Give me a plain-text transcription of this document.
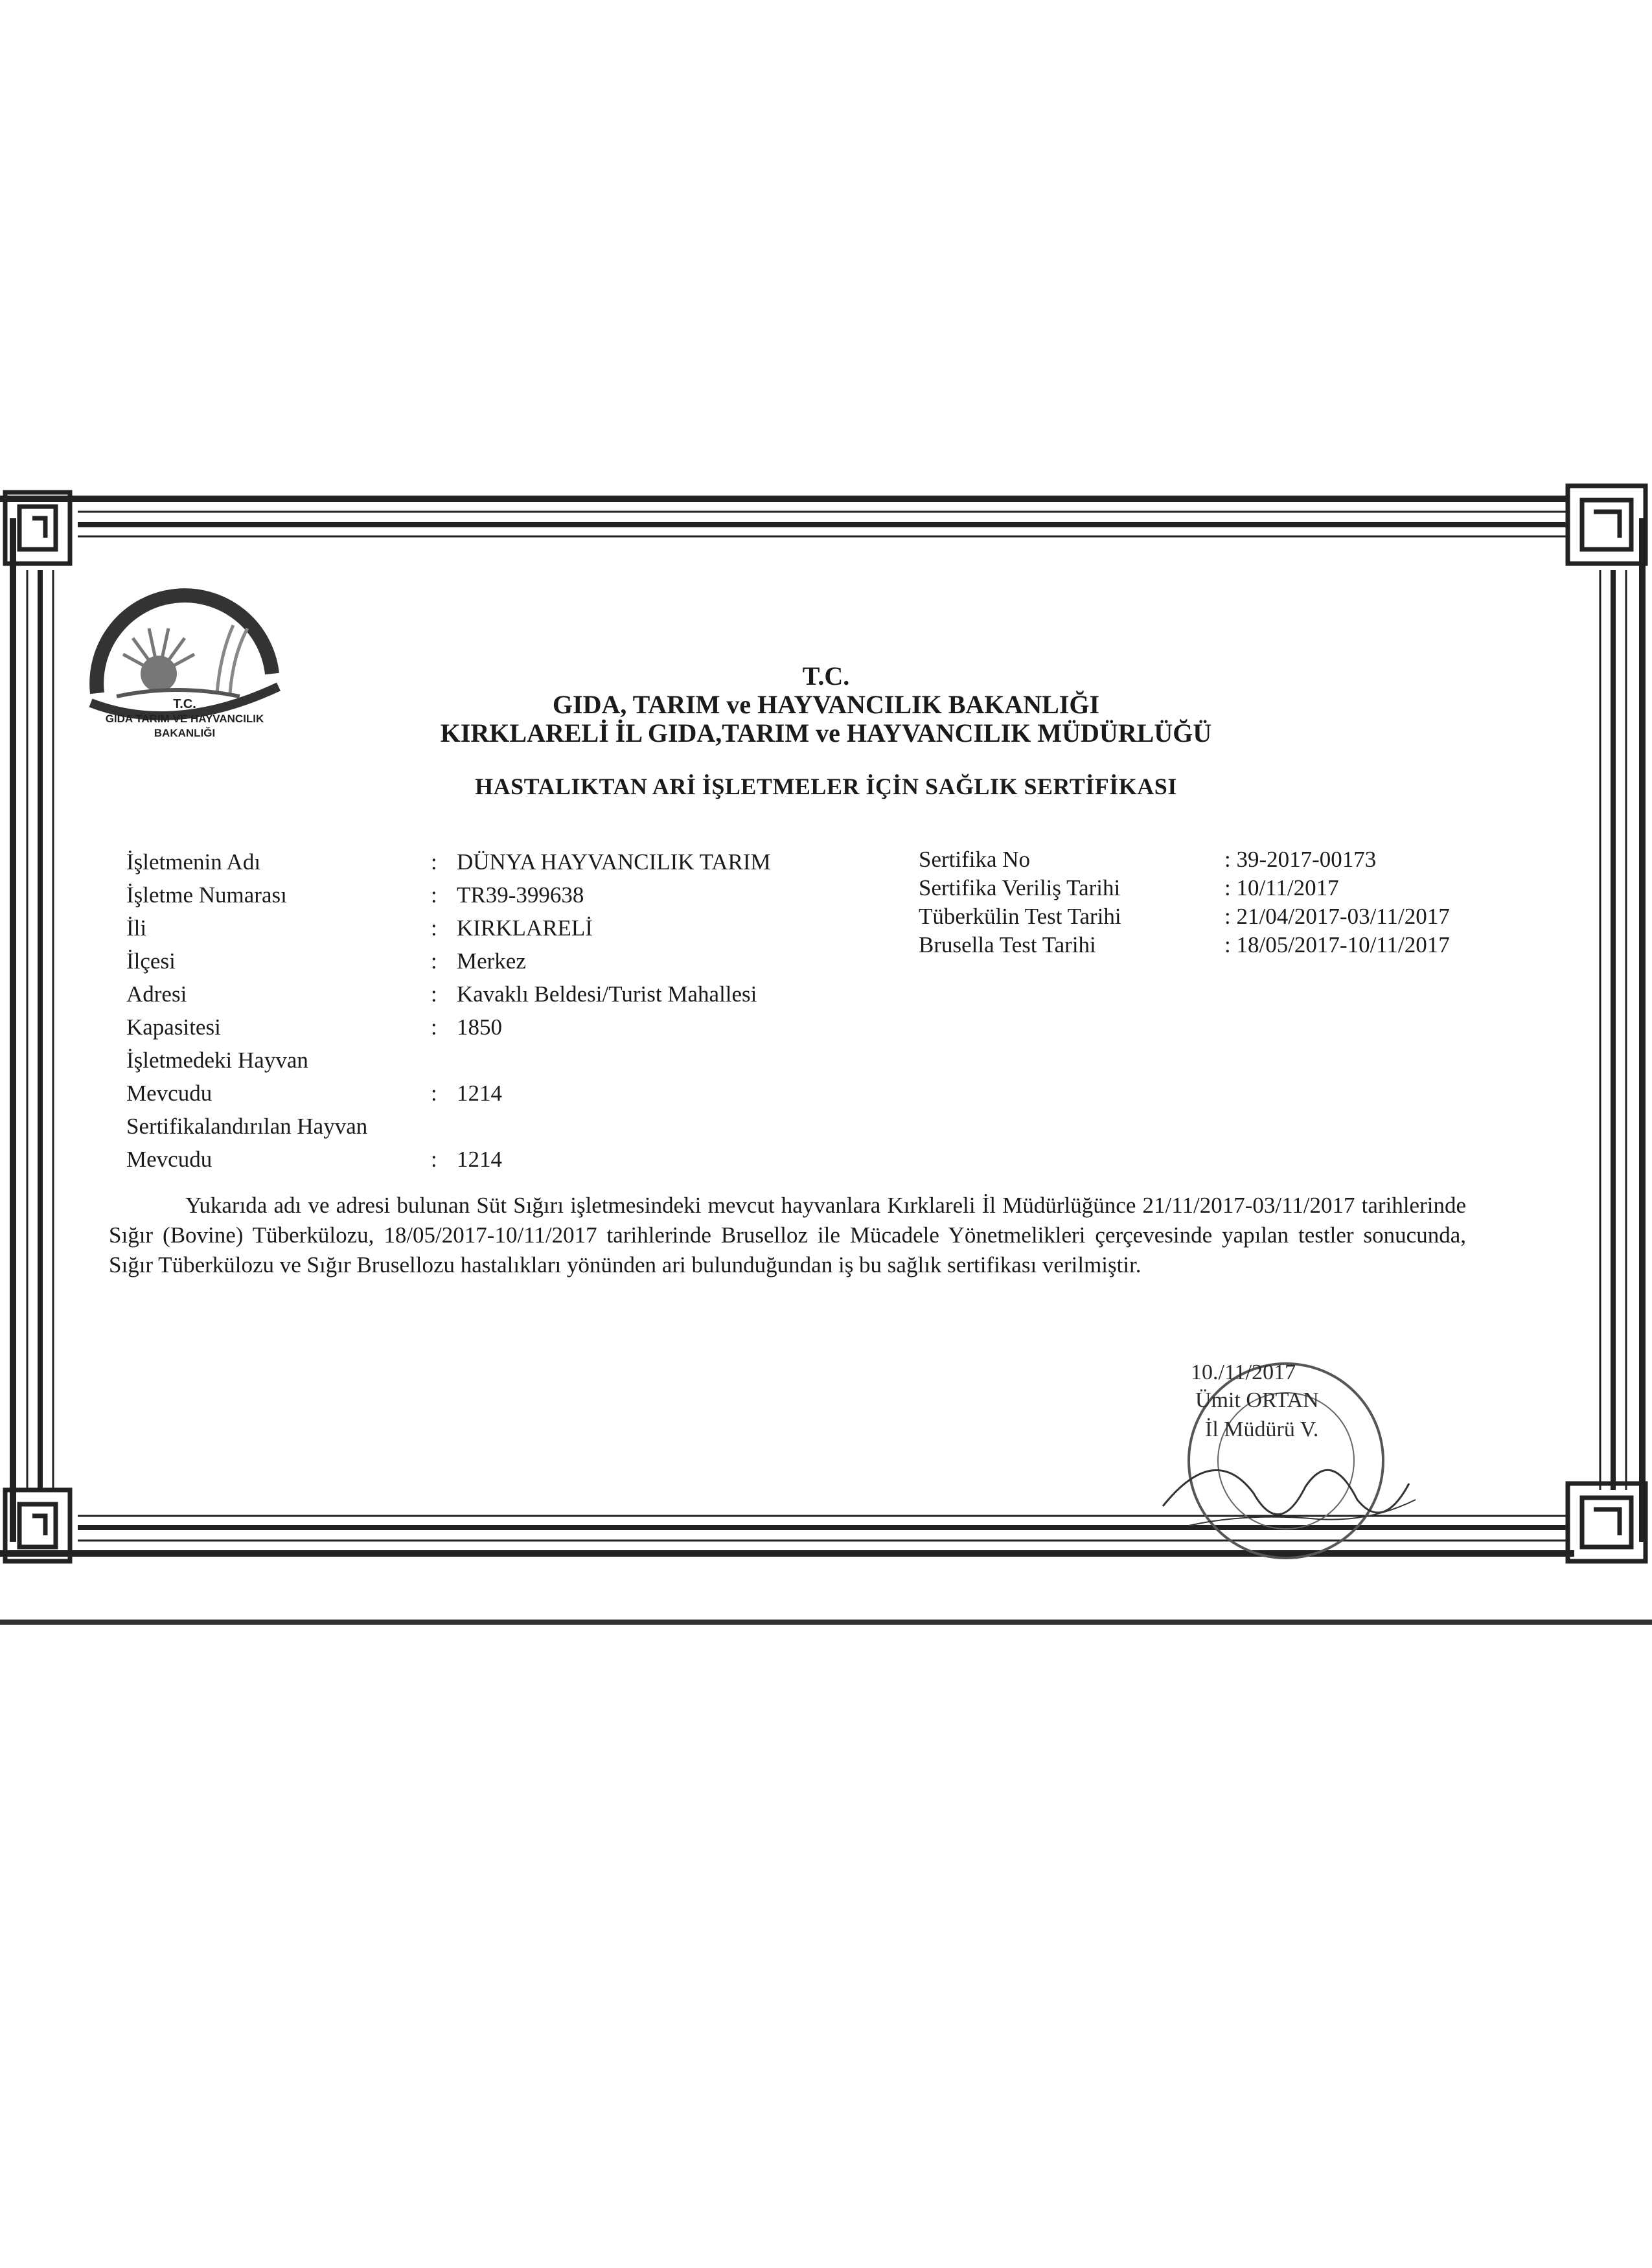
T.C.
GIDA TARIM VE HAYVANCILIK
BAKANLIĞI
T.C.
GIDA, TARIM ve HAYVANCILIK BAKANLIĞI
KIRKLARELİ İL GIDA,TARIM ve HAYVANCILIK MÜDÜRLÜĞÜ
HASTALIKTAN ARİ İŞLETMELER İÇİN SAĞLIK SERTİFİKASI
İşletmenin Adı	: DÜNYA HAYVANCILIK TARIM
İşletme Numarası	: TR39-399638
İli	: KIRKLARELİ
İlçesi	: Merkez
Adresi	: Kavaklı Beldesi/Turist Mahallesi
Kapasitesi	: 1850
İşletmedeki Hayvan
Mevcudu	: 1214
Sertifikalandırılan Hayvan
Mevcudu	: 1214
Sertifika No	: 39-2017-00173
Sertifika Veriliş Tarihi	: 10/11/2017
Tüberkülin Test Tarihi	: 21/04/2017-03/11/2017
Brusella Test Tarihi	: 18/05/2017-10/11/2017

Yukarıda adı ve adresi bulunan Süt Sığırı işletmesindeki mevcut hayvanlara Kırklareli İl Müdürlüğünce 21/11/2017-03/11/2017 tarihlerinde Sığır (Bovine) Tüberkülozu, 18/05/2017-10/11/2017 tarihlerinde Bruselloz ile Mücadele Yönetmelikleri çerçevesinde yapılan testler sonucunda, Sığır Tüberkülozu ve Sığır Brusellozu hastalıkları yönünden ari bulunduğundan iş bu sağlık sertifikası verilmiştir.

10./11/2017
Ümit ORTAN
İl Müdürü V.
